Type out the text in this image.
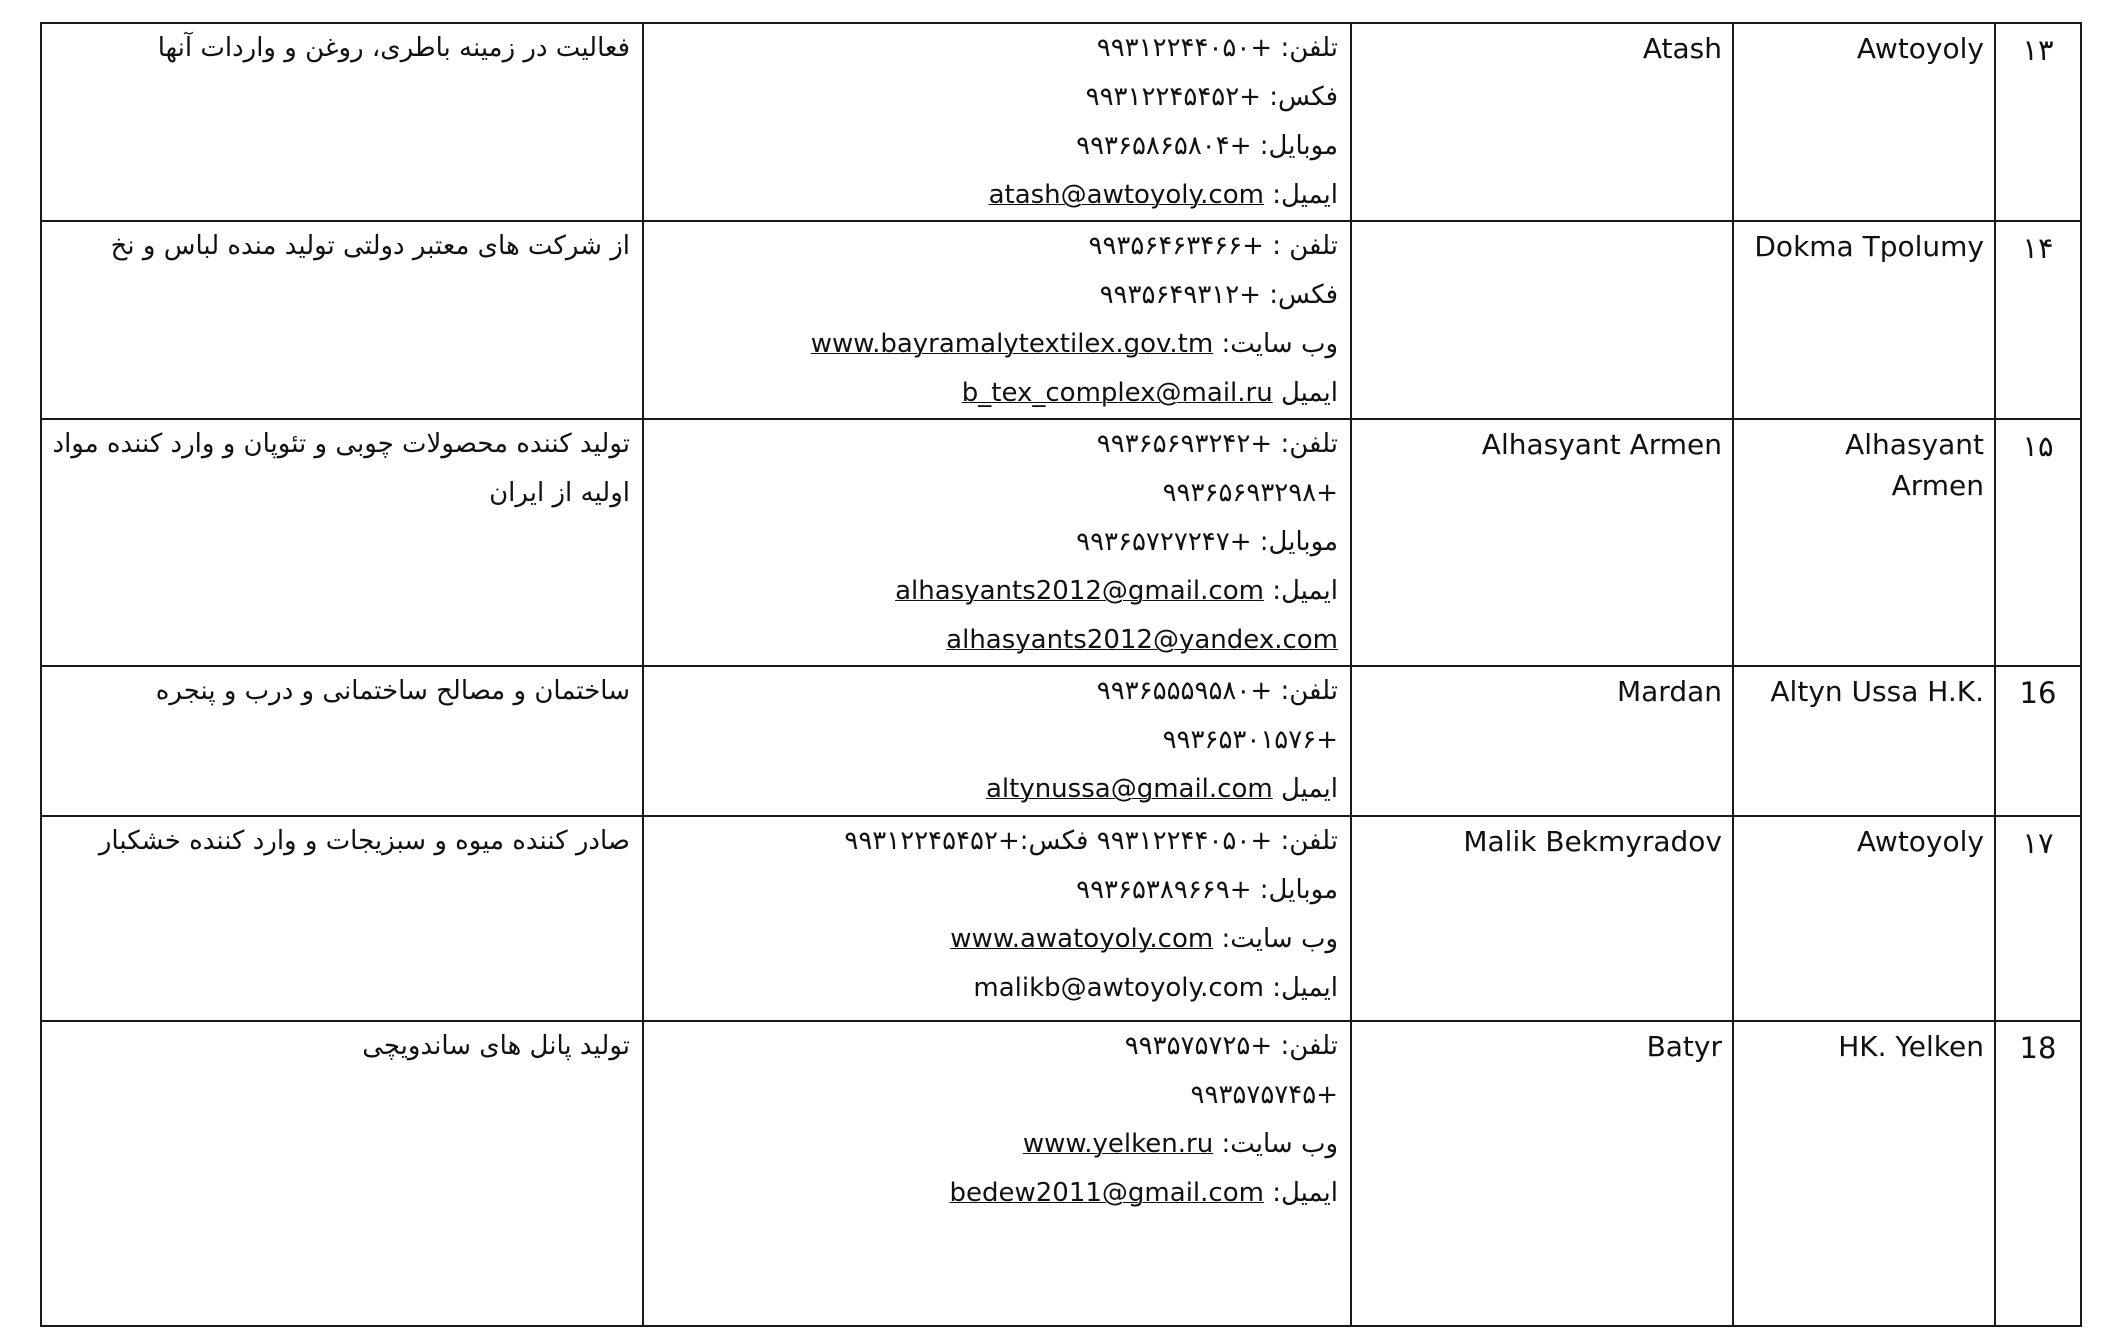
۱۳	Awtoyoly	Atash	تلفن: +۹۹۳۱۲۲۴۴۰۵۰
فکس: +۹۹۳۱۲۲۴۵۴۵۲
موبایل: +۹۹۳۶۵۸۶۵۸۰۴
ایمیل: atash@awtoyoly.com	فعالیت در زمینه باطری، روغن و واردات آنها

۱۴	Dokma Tpolumy		تلفن : +۹۹۳۵۶۴۶۳۴۶۶
فکس: +۹۹۳۵۶۴۹۳۱۲
وب سایت: www.bayramalytextilex.gov.tm
ایمیل b_tex_complex@mail.ru	از شرکت های معتبر دولتی تولید منده لباس و نخ

۱۵	Alhasyant Armen	Alhasyant Armen	تلفن: +۹۹۳۶۵۶۹۳۲۴۲
+۹۹۳۶۵۶۹۳۲۹۸
موبایل: +۹۹۳۶۵۷۲۷۲۴۷
ایمیل: alhasyants2012@gmail.com
alhasyants2012@yandex.com	تولید کننده محصولات چوبی و تئوپان و وارد کننده مواد اولیه از ایران

16	Altyn Ussa H.K.	Mardan	تلفن: +۹۹۳۶۵۵۵۹۵۸۰
+۹۹۳۶۵۳۰۱۵۷۶
ایمیل altynussa@gmail.com	ساختمان و مصالح ساختمانی و درب و پنجره

۱۷	Awtoyoly	Malik Bekmyradov	تلفن: +۹۹۳۱۲۲۴۴۰۵۰ فکس:+۹۹۳۱۲۲۴۵۴۵۲
موبایل: +۹۹۳۶۵۳۸۹۶۶۹
وب سایت: www.awatoyoly.com
ایمیل: malikb@awtoyoly.com	صادر کننده میوه و سبزیجات و وارد کننده خشکبار

18	HK. Yelken	Batyr	تلفن: +۹۹۳۵۷۵۷۲۵
+۹۹۳۵۷۵۷۴۵
وب سایت: www.yelken.ru
ایمیل: bedew2011@gmail.com	تولید پانل های ساندویچی
